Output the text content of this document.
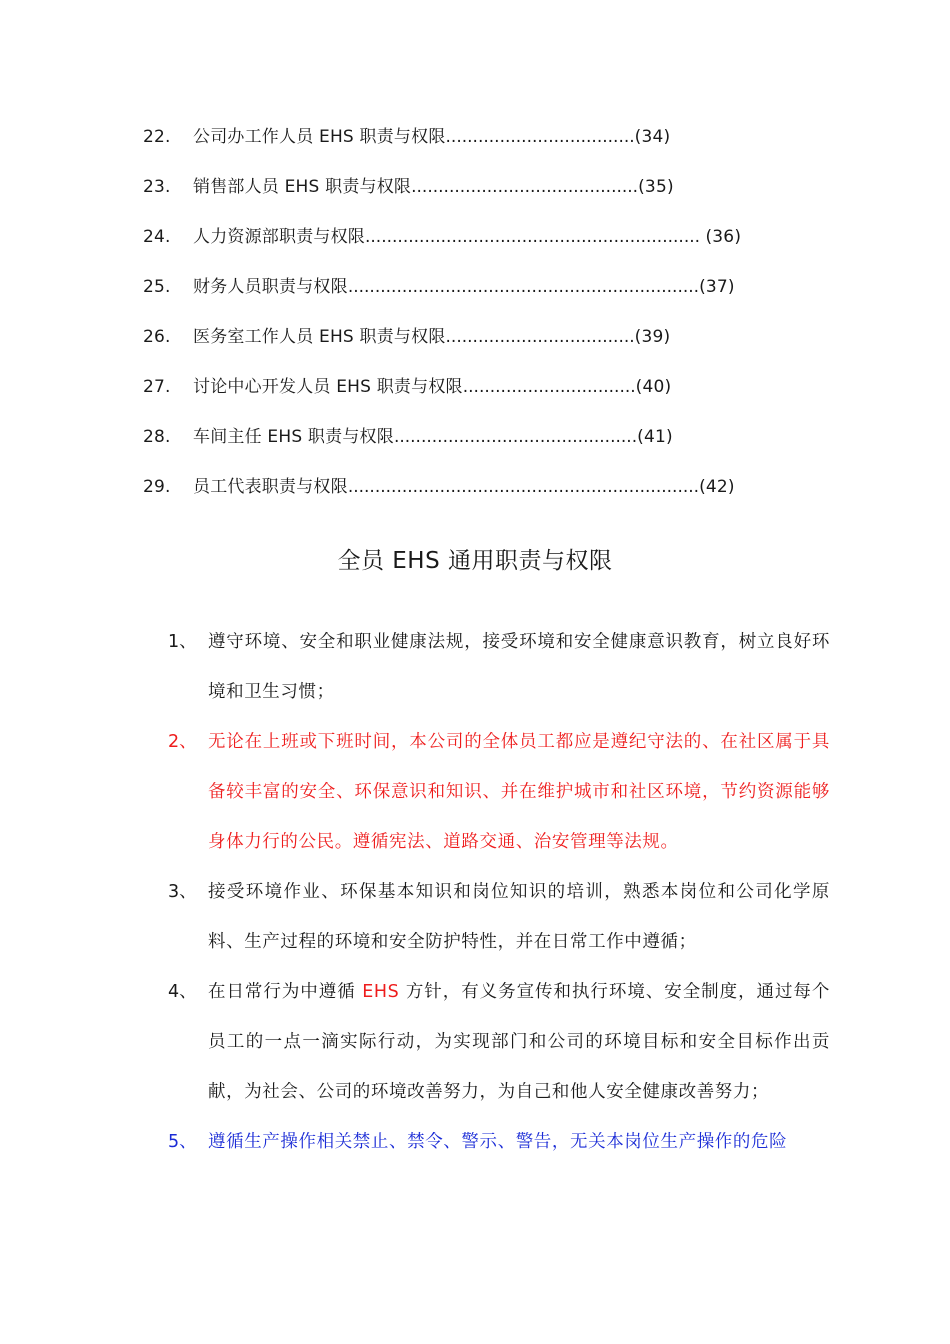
22. 公司办工作人员 EHS 职责与权限...................................(34)
23. 销售部人员 EHS 职责与权限..........................................(35)
24. 人力资源部职责与权限.............................................................. (36)
25. 财务人员职责与权限.................................................................(37)
26. 医务室工作人员 EHS 职责与权限...................................(39)
27. 讨论中心开发人员 EHS 职责与权限................................(40)
28. 车间主任 EHS 职责与权限.............................................(41)
29. 员工代表职责与权限.................................................................(42)
全员 EHS 通用职责与权限
1、 遵守环境、安全和职业健康法规，接受环境和安全健康意识教育，树立良好环境和卫生习惯；
2、 无论在上班或下班时间，本公司的全体员工都应是遵纪守法的、在社区属于具备较丰富的安全、环保意识和知识、并在维护城市和社区环境，节约资源能够身体力行的公民。遵循宪法、道路交通、治安管理等法规。
3、 接受环境作业、环保基本知识和岗位知识的培训，熟悉本岗位和公司化学原料、生产过程的环境和安全防护特性，并在日常工作中遵循；
4、 在日常行为中遵循 EHS 方针，有义务宣传和执行环境、安全制度，通过每个员工的一点一滴实际行动，为实现部门和公司的环境目标和安全目标作出贡献，为社会、公司的环境改善努力，为自己和他人安全健康改善努力；
5、 遵循生产操作相关禁止、禁令、警示、警告，无关本岗位生产操作的危险
